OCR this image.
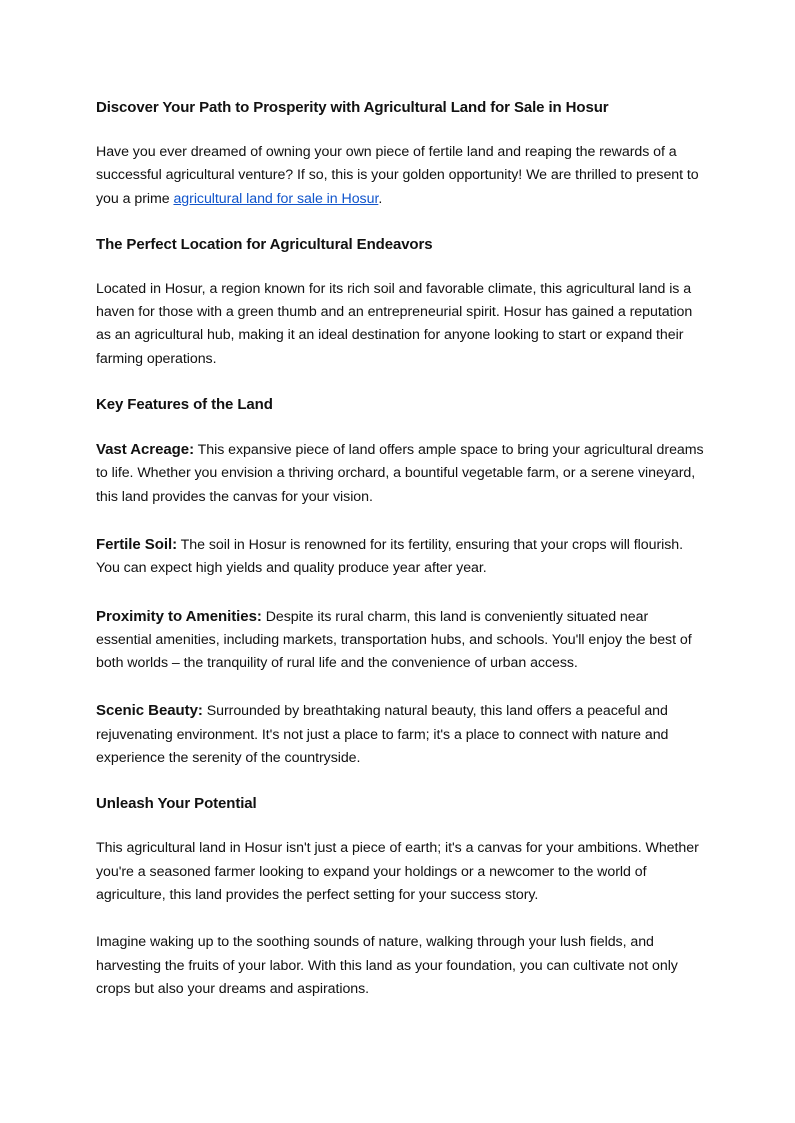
Discover Your Path to Prosperity with Agricultural Land for Sale in Hosur

Have you ever dreamed of owning your own piece of fertile land and reaping the rewards of a successful agricultural venture? If so, this is your golden opportunity! We are thrilled to present to you a prime agricultural land for sale in Hosur.

The Perfect Location for Agricultural Endeavors

Located in Hosur, a region known for its rich soil and favorable climate, this agricultural land is a haven for those with a green thumb and an entrepreneurial spirit. Hosur has gained a reputation as an agricultural hub, making it an ideal destination for anyone looking to start or expand their farming operations.

Key Features of the Land

Vast Acreage: This expansive piece of land offers ample space to bring your agricultural dreams to life. Whether you envision a thriving orchard, a bountiful vegetable farm, or a serene vineyard, this land provides the canvas for your vision.

Fertile Soil: The soil in Hosur is renowned for its fertility, ensuring that your crops will flourish. You can expect high yields and quality produce year after year.

Proximity to Amenities: Despite its rural charm, this land is conveniently situated near essential amenities, including markets, transportation hubs, and schools. You'll enjoy the best of both worlds – the tranquility of rural life and the convenience of urban access.

Scenic Beauty: Surrounded by breathtaking natural beauty, this land offers a peaceful and rejuvenating environment. It's not just a place to farm; it's a place to connect with nature and experience the serenity of the countryside.

Unleash Your Potential

This agricultural land in Hosur isn't just a piece of earth; it's a canvas for your ambitions. Whether you're a seasoned farmer looking to expand your holdings or a newcomer to the world of agriculture, this land provides the perfect setting for your success story.

Imagine waking up to the soothing sounds of nature, walking through your lush fields, and harvesting the fruits of your labor. With this land as your foundation, you can cultivate not only crops but also your dreams and aspirations.
